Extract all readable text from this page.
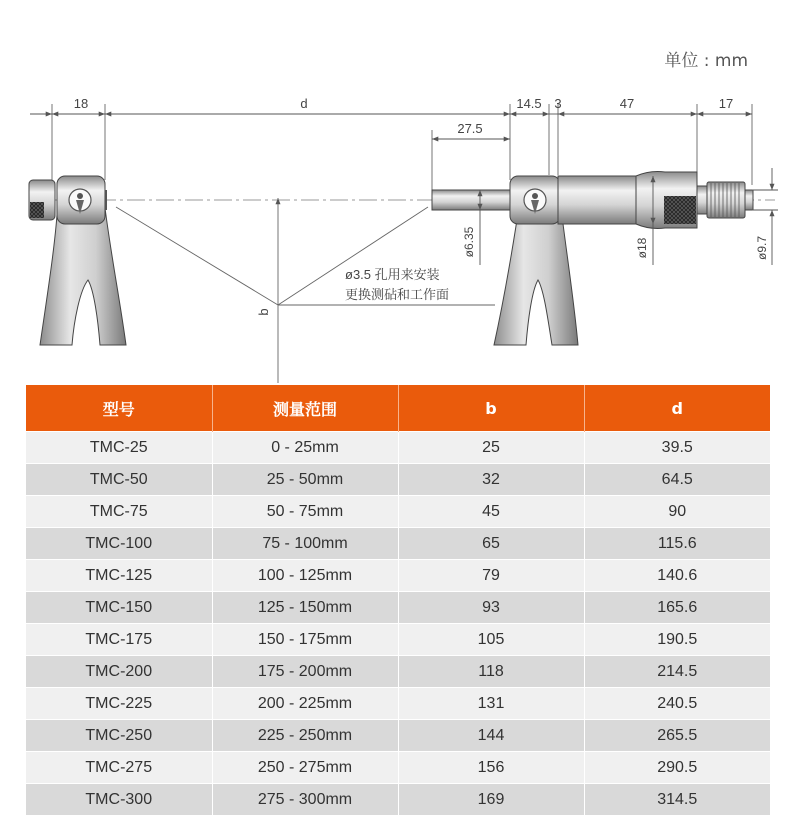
单位 : mm
18	d	14.5 3	47	17
27.5
ø6.35	ø18	ø9.7
b
ø3.5 孔用来安装
更换测砧和工作面
型号	测量范围	b	d
TMC-25	0 - 25mm	25	39.5
TMC-50	25 - 50mm	32	64.5
TMC-75	50 - 75mm	45	90
TMC-100	75 - 100mm	65	115.6
TMC-125	100 - 125mm	79	140.6
TMC-150	125 - 150mm	93	165.6
TMC-175	150 - 175mm	105	190.5
TMC-200	175 - 200mm	118	214.5
TMC-225	200 - 225mm	131	240.5
TMC-250	225 - 250mm	144	265.5
TMC-275	250 - 275mm	156	290.5
TMC-300	275 - 300mm	169	314.5
